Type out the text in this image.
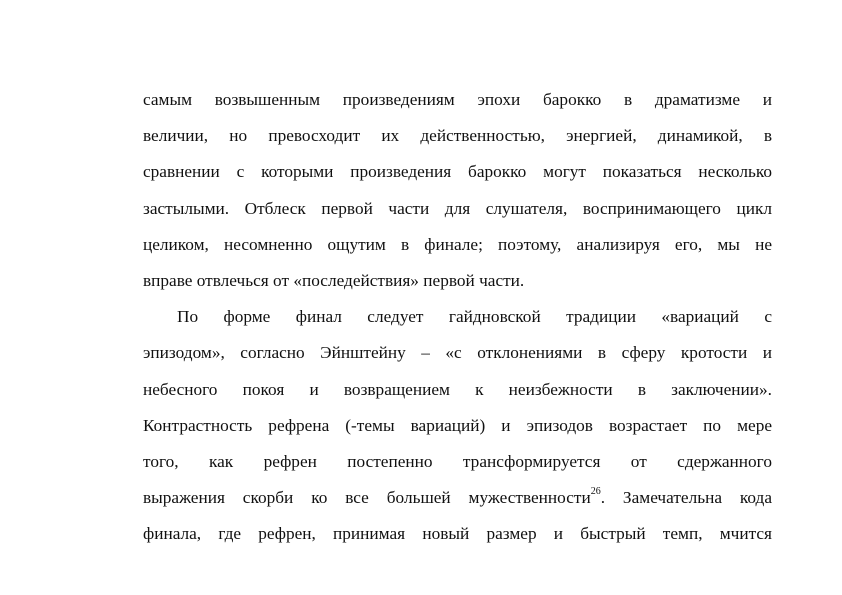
самым возвышенным произведениям эпохи барокко в драматизме и
величии, но превосходит их действенностью, энергией, динамикой, в
сравнении с которыми произведения барокко могут показаться несколько
застылыми. Отблеск первой части для слушателя, воспринимающего цикл
целиком, несомненно ощутим в финале; поэтому, анализируя его, мы не
вправе отвлечься от «последействия» первой части.
По форме финал следует гайдновской традиции «вариаций с
эпизодом», согласно Эйнштейну – «с отклонениями в сферу кротости и
небесного покоя и возвращением к неизбежности в заключении».
Контрастность рефрена (-темы вариаций) и эпизодов возрастает по мере
того, как рефрен постепенно трансформируется от сдержанного
выражения скорби ко все большей мужественности$^{26}$. Замечательна кода
финала, где рефрен, принимая новый размер и быстрый темп, мчится
